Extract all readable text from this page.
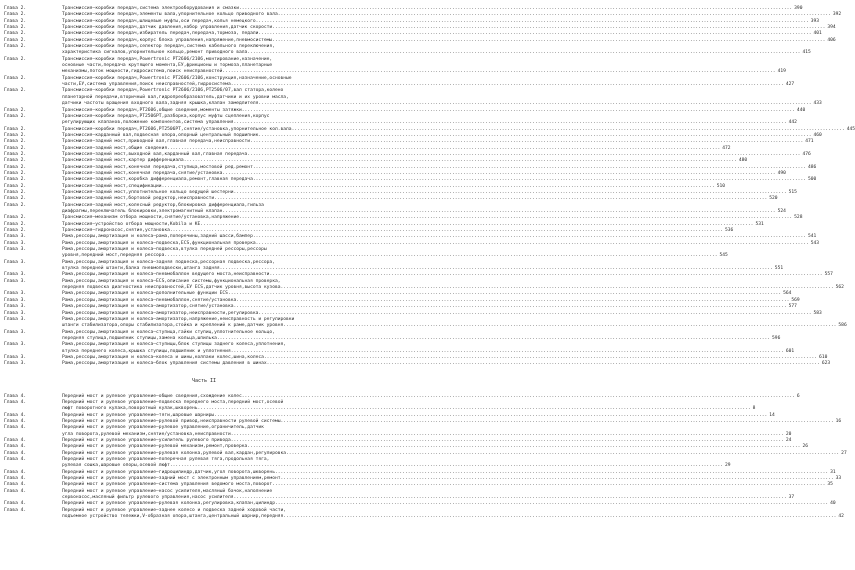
Глава 2.	Трансмиссия–коробки передач,система электрооборудования и смазки........................................................................................................................................................................................................ 390
Глава 2.	Трансмиссия–коробки передач,элементы вала,упорнительное кольцо приводного вала........................................................................................................................................................................................................ 392
Глава 2.	Трансмиссия–коробки передач,шлицевые муфты,оси передач,колья немецкого........................................................................................................................................................................................................ 393
Глава 2.	Трансмиссия–коробки передач,датчик давления,набор управления,датчик скорости........................................................................................................................................................................................................ 394
Глава 2.	Трансмиссия–коробки передач,избиратель передач,передача,тормоза, педали........................................................................................................................................................................................................ 401
Глава 2.	Трансмиссия–коробки передач,корпус блока управления,напряжение,пневмосистемы........................................................................................................................................................................................................ 406
Глава 2.	Трансмиссия–коробки передач,селектор передач,система кабельного переключения,
характеристика сигналов,упорнительное кольцо,ремонт приводного вала........................................................................................................................................................................................................ 415
Глава 2.	Трансмиссия–коробки передач,Powertronic PT2606/2106,монтирование,назначение,
основные части,передача крутящего момента,ЕУ,фрикционы и тормоза,планетарные
механизмы,поток мощности,гидросистема,поиск неисправностей........................................................................................................................................................................................................ 419
Глава 2.	Трансмиссия–коробки передач,Powertronic PT2606/2106,конструкция,назначение,основные
части,ЕУ,система управления,поиск неисправностей,гидросистема........................................................................................................................................................................................................ 427
Глава 2.	Трансмиссия–коробки передач,Powertronic PT2606/2106,PT2506/07,вал статора,колено
планетарной передачи,вторичный вал,гидропреобразователь,датчики и их уровни масла,
датчики частоты вращения входного вала,задняя крышка,клапан замедлителя........................................................................................................................................................................................................ 433
Глава 2.	Трансмиссия–коробки передач,PT2606,общие сведения,моменты затяжки........................................................................................................................................................................................................ 440
Глава 2.	Трансмиссия–коробки передач,PT2506PT,разборка,корпус муфты сцепления,корпус
регулирующих клапанов,положение компонентов,система управления........................................................................................................................................................................................................ 442
Глава 2.	Трансмиссия–коробки передач,PT2606,PT2506PT,снятие/установка,упорнительное кол.вала........................................................................................................................................................................................................ 445
Глава 2.	Трансмиссия–карданный вал,подвесная опора,опорный центральный подшипник........................................................................................................................................................................................................ 460
Глава 2.	Трансмиссия–задний мост,приводной вал,главная передача,неисправности........................................................................................................................................................................................................ 471
Глава 2.	Трансмиссия–задний мост,общие сведения........................................................................................................................................................................................................ 472
Глава 2.	Трансмиссия–задний мост,выходной вал,карданный вал,главная передача........................................................................................................................................................................................................ 476
Глава 2.	Трансмиссия–задний мост,картер дифференциала........................................................................................................................................................................................................ 480
Глава 2.	Трансмиссия–задний мост,конечная передача,ступица,мостовой ред.ремонт........................................................................................................................................................................................................ 486
Глава 2.	Трансмиссия–задний мост,конечная передача,снятие/установка........................................................................................................................................................................................................ 490
Глава 2.	Трансмиссия–задний мост,коробка дифференциала,ремонт,главная передача........................................................................................................................................................................................................ 500
Глава 2.	Трансмиссия–задний мост,спецификации........................................................................................................................................................................................................ 510
Глава 2.	Трансмиссия–задний мост,уплотнительное кольцо ведущей шестерни........................................................................................................................................................................................................ 515
Глава 2.	Трансмиссия–задний мост,бортовой редуктор,неисправности........................................................................................................................................................................................................ 520
Глава 2.	Трансмиссия–задний мост,колесный редуктор,блокировка дифференциала,гильза
диафрагмы,переключатель блокировки,электромагнитный клапан........................................................................................................................................................................................................ 524
Глава 2.	Трансмиссия–механизм отбора мощности,снятие/установка,напряжение........................................................................................................................................................................................................ 528
Глава 2.	Трансмиссия–устройство отбора мощности,Kobila и КЕ........................................................................................................................................................................................................ 531
Глава 2.	Трансмиссия–гидронасос,снятие,установка........................................................................................................................................................................................................ 536
Глава 3.	Рама,рессоры,амортизация и колеса–рама,поперечины,задний шасси,бампер........................................................................................................................................................................................................ 541
Глава 3.	Рама,рессоры,амортизация и колеса–подвеска,ECS,функциональная проверка........................................................................................................................................................................................................ 543
Глава 3.	Рама,рессоры,амортизация и колеса–подвеска,втулка передней рессоры,рессоры
уровня,передний мост,передняя рессора........................................................................................................................................................................................................ 545
Глава 3.	Рама,рессоры,амортизация и колеса–задняя подвеска,рессорная подвеска,рессора,
втулка передней штанги,балка пневмоподвески,штанга задняя........................................................................................................................................................................................................ 551
Глава 3.	Рама,рессоры,амортизация и колеса–пневмобаллон ведущего моста,неисправности........................................................................................................................................................................................................ 557
Глава 3.	Рама,рессоры,амортизация и колеса–ECS,описание системы,функциональная проверка,
передняя подвеска диагностика неисправностей,ЕУ ECS,датчик уровня,высота кузова........................................................................................................................................................................................................ 562
Глава 3.	Рама,рессоры,амортизация и колеса–дополнительные функции ECS........................................................................................................................................................................................................ 564
Глава 3.	Рама,рессоры,амортизация и колеса–пневмобаллон,снятие/установка........................................................................................................................................................................................................ 569
Глава 3.	Рама,рессоры,амортизация и колеса–амортизатор,снятие/установка........................................................................................................................................................................................................ 577
Глава 3.	Рама,рессоры,амортизация и колеса–амортизатор,неисправности,регулировка........................................................................................................................................................................................................ 583
Глава 3.	Рама,рессоры,амортизация и колеса–амортизатор,напряжение,неисправность и регулировки
штанги стабилизатора,опоры стабилизатора,стойка и креплений к раме,датчик уровня........................................................................................................................................................................................................ 586
Глава 3.	Рама,рессоры,амортизация и колеса–ступица,гайки ступиц,уплотнительное кольцо,
передняя ступица,подшипник ступицы,замена кольца,шпилька........................................................................................................................................................................................................ 596
Глава 3.	Рама,рессоры,амортизация и колеса–ступицы,блок ступицы заднего колеса,уплотнения,
втулка переднего колеса,крышка ступицы,подшипник и уплотнения........................................................................................................................................................................................................ 601
Глава 3.	Рама,рессоры,амортизация и колеса–колеса и шины,колпаки колес,шина,колеса........................................................................................................................................................................................................ 610
Глава 3.	Рама,рессоры,амортизация и колеса–блок управления системы давления в шинах........................................................................................................................................................................................................ 623
Часть II
Глава 4.	Передний мост и рулевое управление–общие сведения,схождение колес........................................................................................................................................................................................................ 6
Глава 4.	Передний мост и рулевое управление–подвеска переднего моста,передний мост,осевой
люфт поворотного кулака,поворотный кулак,шкворень........................................................................................................................................................................................................ 8
Глава 4.	Передний мост и рулевое управление–тяги,шаровые шарниры........................................................................................................................................................................................................ 14
Глава 4.	Передний мост и рулевое управление–рулевой привод,неисправности рулевой системы........................................................................................................................................................................................................ 16
Глава 4.	Передний мост и рулевое управление–рулевое управление,ограничитель,датчик
угла поворота,рулевой механизм,снятие/установка,неисправности........................................................................................................................................................................................................ 20
Глава 4.	Передний мост и рулевое управление–усилитель рулевого привода........................................................................................................................................................................................................ 24
Глава 4.	Передний мост и рулевое управление–рулевой механизм,ремонт,проверка........................................................................................................................................................................................................ 26
Глава 4.	Передний мост и рулевое управление–рулевая колонка,рулевой вал,кардан,регулировка........................................................................................................................................................................................................ 27
Глава 4.	Передний мост и рулевое управление–поперечная рулевая тяга,продольная тяга,
рулевая сошка,шаровые опоры,осевой люфт........................................................................................................................................................................................................ 29
Глава 4.	Передний мост и рулевое управление–гидроцилиндр,датчик,угол поворота,шкворень........................................................................................................................................................................................................ 31
Глава 4.	Передний мост и рулевое управление–задний мост с электронным управлением,ремонт........................................................................................................................................................................................................ 33
Глава 4.	Передний мост и рулевое управление–система управления ведомого моста,поворот........................................................................................................................................................................................................ 35
Глава 4.	Передний мост и рулевое управление–насос усилителя,масляный бачок,наполнение
сервонасос,масляный фильтр рулевого управления,насос усилителя........................................................................................................................................................................................................ 37
Глава 4.	Передний мост и рулевое управление–рулевая колонка,регулировка,клапан,цилиндр........................................................................................................................................................................................................ 40
Глава 4.	Передний мост и рулевое управление–заднее колесо и подвеска задней ходовой части,
подъемное устройство тележки,V-образная опора,штанга,центральный шарнир,передняя........................................................................................................................................................................................................ 42
